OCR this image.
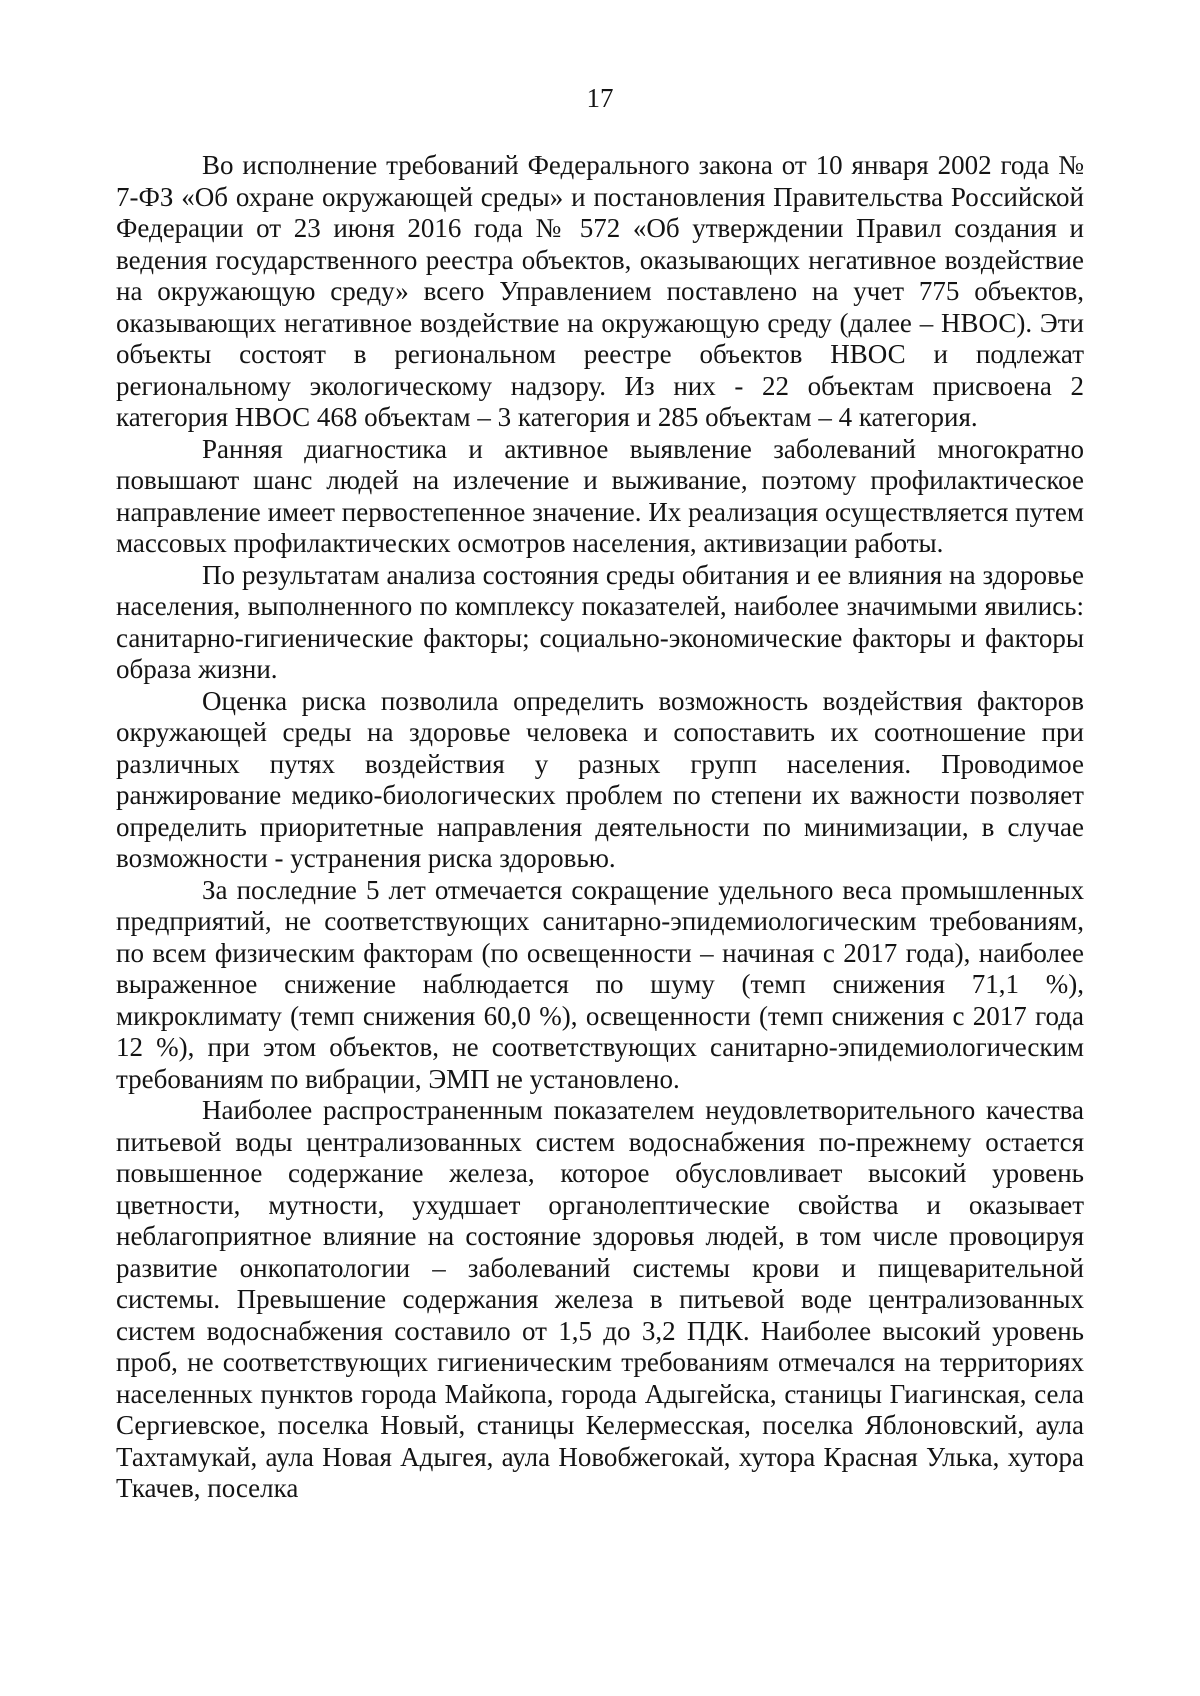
17

Во исполнение требований Федерального закона от 10 января 2002 года № 7-ФЗ «Об охране окружающей среды» и постановления Правительства Российской Федерации от 23 июня 2016 года № 572 «Об утверждении Правил создания и ведения государственного реестра объектов, оказывающих негативное воздействие на окружающую среду» всего Управлением поставлено на учет 775 объектов, оказывающих негативное воздействие на окружающую среду (далее – НВОС). Эти объекты состоят в региональном реестре объектов НВОС и подлежат региональному экологическому надзору. Из них - 22 объектам присвоена 2 категория НВОС 468 объектам – 3 категория и 285 объектам – 4 категория.

Ранняя диагностика и активное выявление заболеваний многократно повышают шанс людей на излечение и выживание, поэтому профилактическое направление имеет первостепенное значение. Их реализация осуществляется путем массовых профилактических осмотров населения, активизации работы.

По результатам анализа состояния среды обитания и ее влияния на здоровье населения, выполненного по комплексу показателей, наиболее значимыми явились: санитарно-гигиенические факторы; социально-экономические факторы и факторы образа жизни.

Оценка риска позволила определить возможность воздействия факторов окружающей среды на здоровье человека и сопоставить их соотношение при различных путях воздействия у разных групп населения. Проводимое ранжирование медико-биологических проблем по степени их важности позволяет определить приоритетные направления деятельности по минимизации, в случае возможности - устранения риска здоровью.

За последние 5 лет отмечается сокращение удельного веса промышленных предприятий, не соответствующих санитарно-эпидемиологическим требованиям, по всем физическим факторам (по освещенности – начиная с 2017 года), наиболее выраженное снижение наблюдается по шуму (темп снижения 71,1 %), микроклимату (темп снижения 60,0 %), освещенности (темп снижения с 2017 года 12 %), при этом объектов, не соответствующих санитарно-эпидемиологическим требованиям по вибрации, ЭМП не установлено.

Наиболее распространенным показателем неудовлетворительного качества питьевой воды централизованных систем водоснабжения по-прежнему остается повышенное содержание железа, которое обусловливает высокий уровень цветности, мутности, ухудшает органолептические свойства и оказывает неблагоприятное влияние на состояние здоровья людей, в том числе провоцируя развитие онкопатологии – заболеваний системы крови и пищеварительной системы. Превышение содержания железа в питьевой воде централизованных систем водоснабжения составило от 1,5 до 3,2 ПДК. Наиболее высокий уровень проб, не соответствующих гигиеническим требованиям отмечался на территориях населенных пунктов города Майкопа, города Адыгейска, станицы Гиагинская, села Сергиевское, поселка Новый, станицы Келермесская, поселка Яблоновский, аула Тахтамукай, аула Новая Адыгея, аула Новобжегокай, хутора Красная Улька, хутора Ткачев, поселка
